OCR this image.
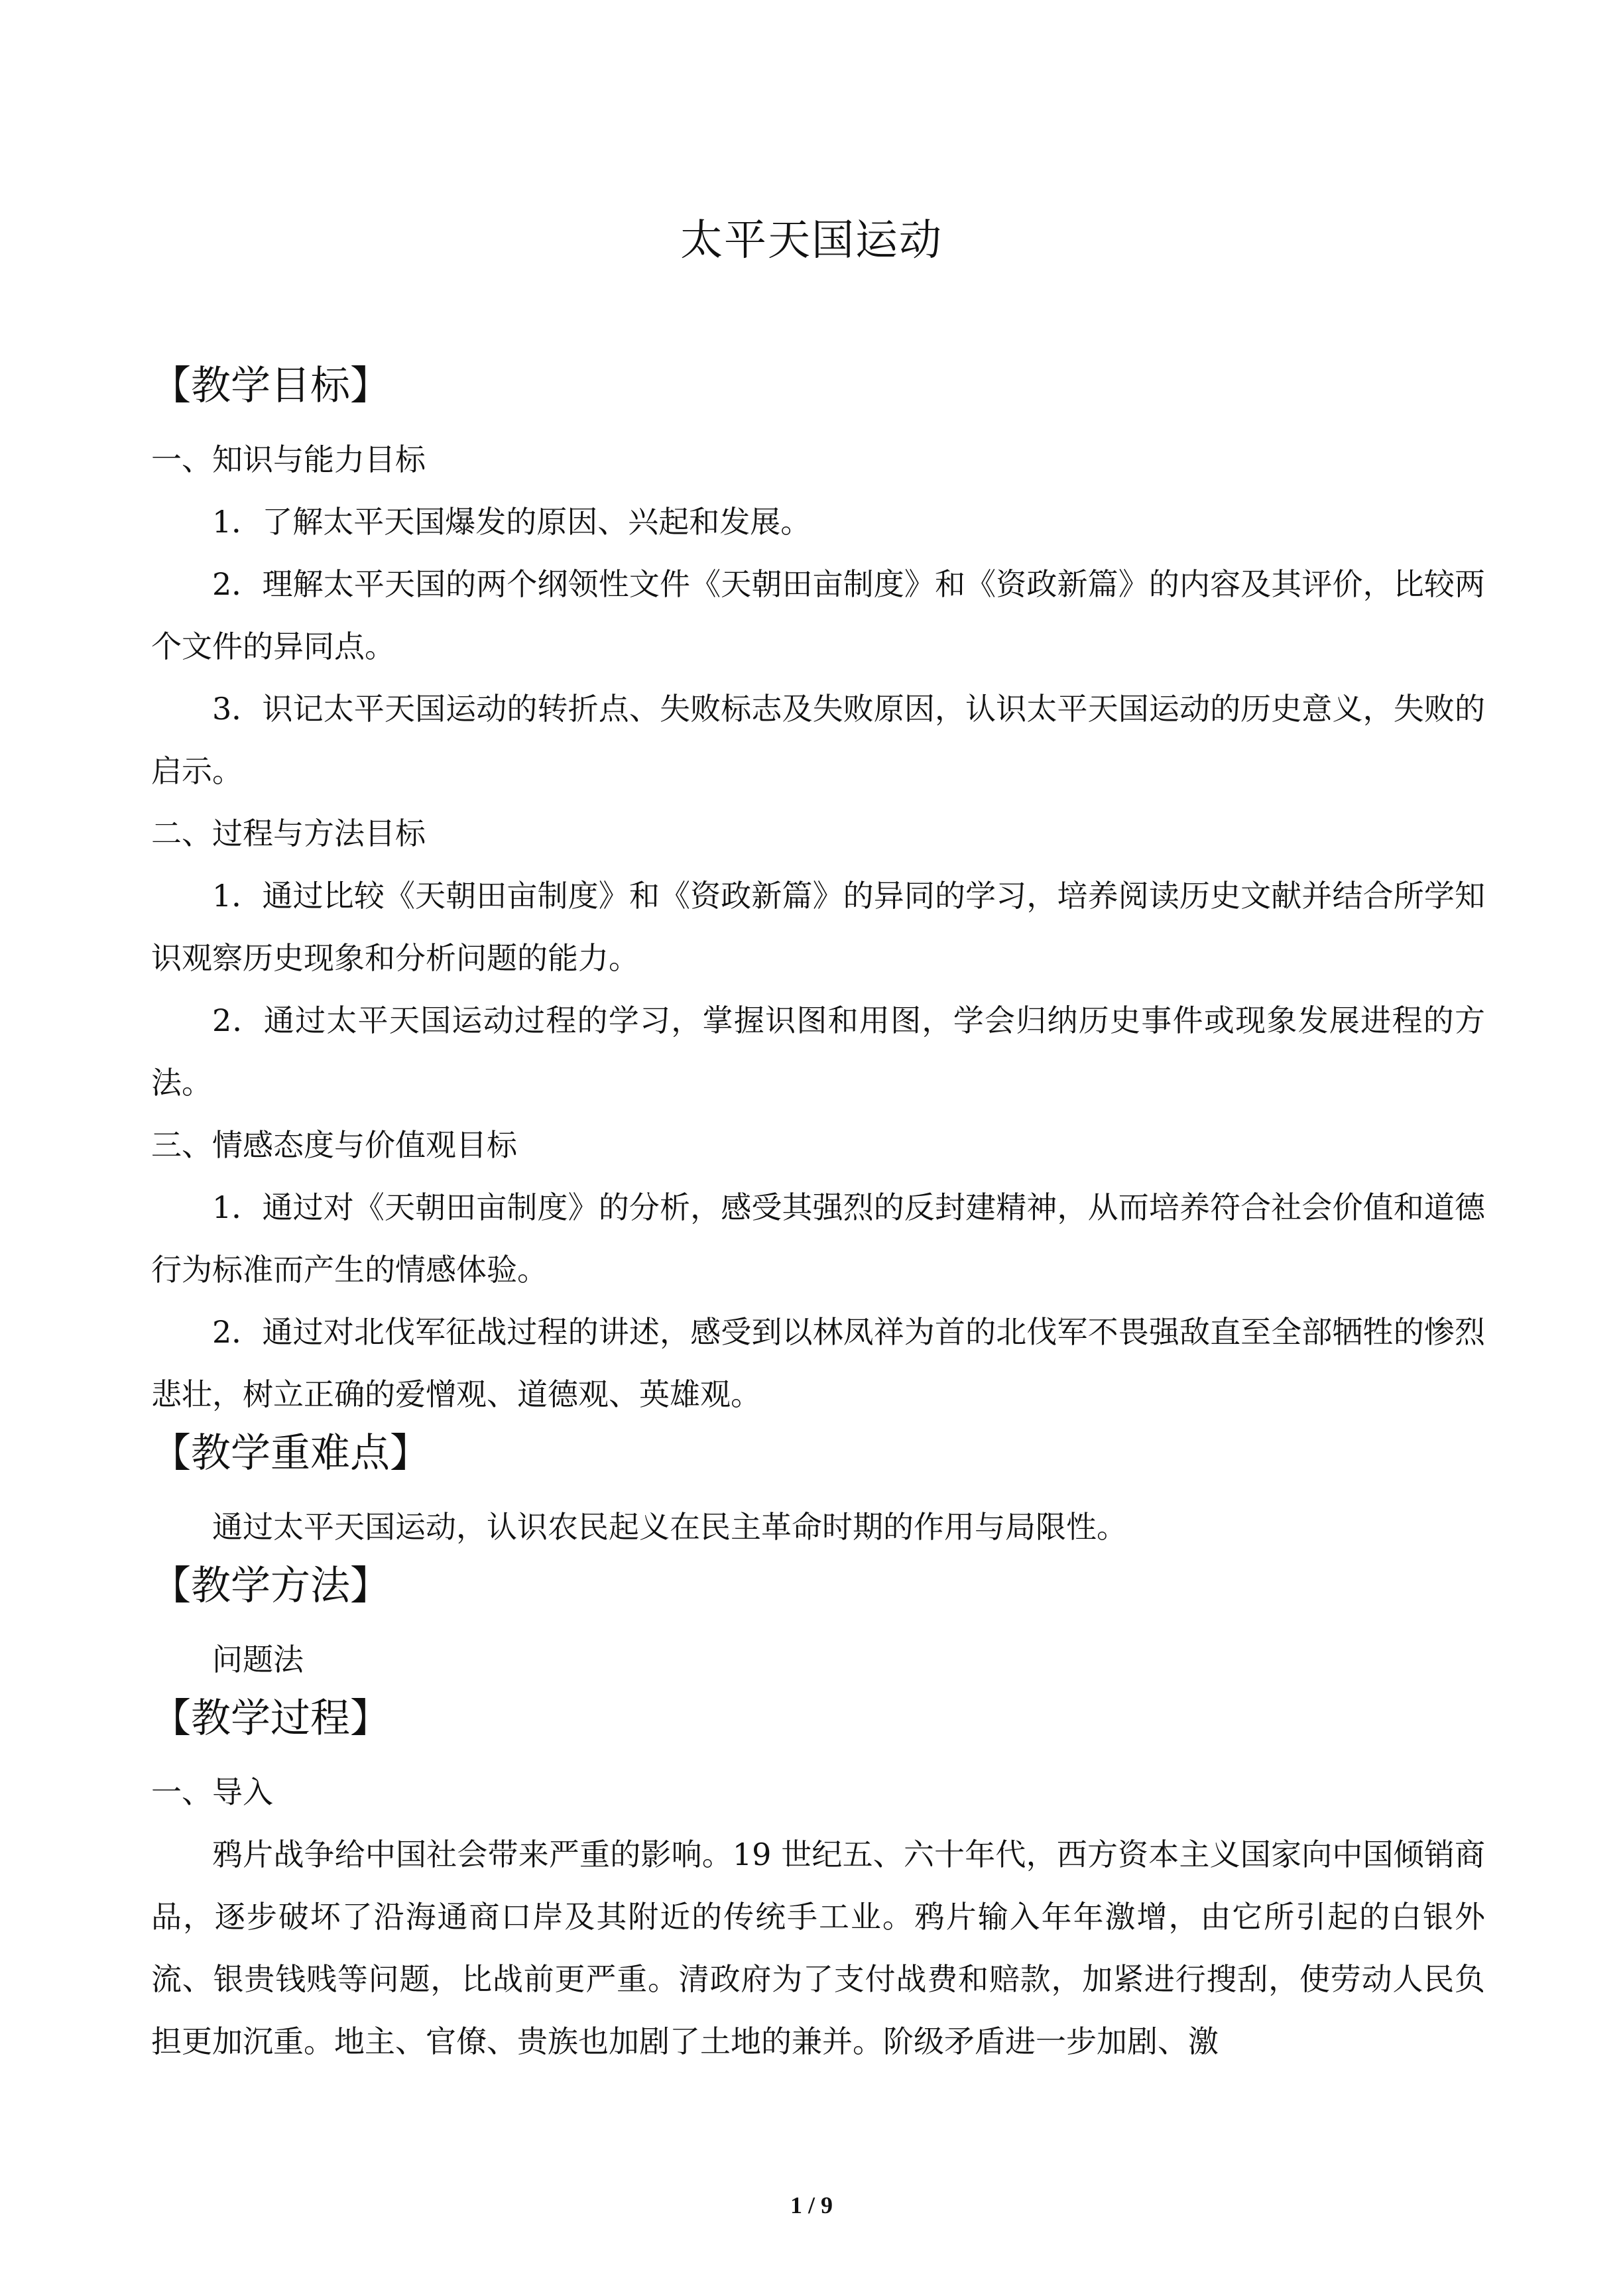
太平天国运动
【教学目标】
一、知识与能力目标

1．了解太平天国爆发的原因、兴起和发展。

2．理解太平天国的两个纲领性文件《天朝田亩制度》和《资政新篇》的内容及其评价，比较两个文件的异同点。

3．识记太平天国运动的转折点、失败标志及失败原因，认识太平天国运动的历史意义，失败的启示。

二、过程与方法目标

1．通过比较《天朝田亩制度》和《资政新篇》的异同的学习，培养阅读历史文献并结合所学知识观察历史现象和分析问题的能力。

2．通过太平天国运动过程的学习，掌握识图和用图，学会归纳历史事件或现象发展进程的方法。

三、情感态度与价值观目标

1．通过对《天朝田亩制度》的分析，感受其强烈的反封建精神，从而培养符合社会价值和道德行为标准而产生的情感体验。

2．通过对北伐军征战过程的讲述，感受到以林凤祥为首的北伐军不畏强敌直至全部牺牲的惨烈悲壮，树立正确的爱憎观、道德观、英雄观。

【教学重难点】

通过太平天国运动，认识农民起义在民主革命时期的作用与局限性。

【教学方法】

问题法

【教学过程】
一、导入

鸦片战争给中国社会带来严重的影响。19 世纪五、六十年代，西方资本主义国家向中国倾销商品，逐步破坏了沿海通商口岸及其附近的传统手工业。鸦片输入年年激增，由它所引起的白银外流、银贵钱贱等问题，比战前更严重。清政府为了支付战费和赔款，加紧进行搜刮，使劳动人民负担更加沉重。地主、官僚、贵族也加剧了土地的兼并。阶级矛盾进一步加剧、激

1 / 9
